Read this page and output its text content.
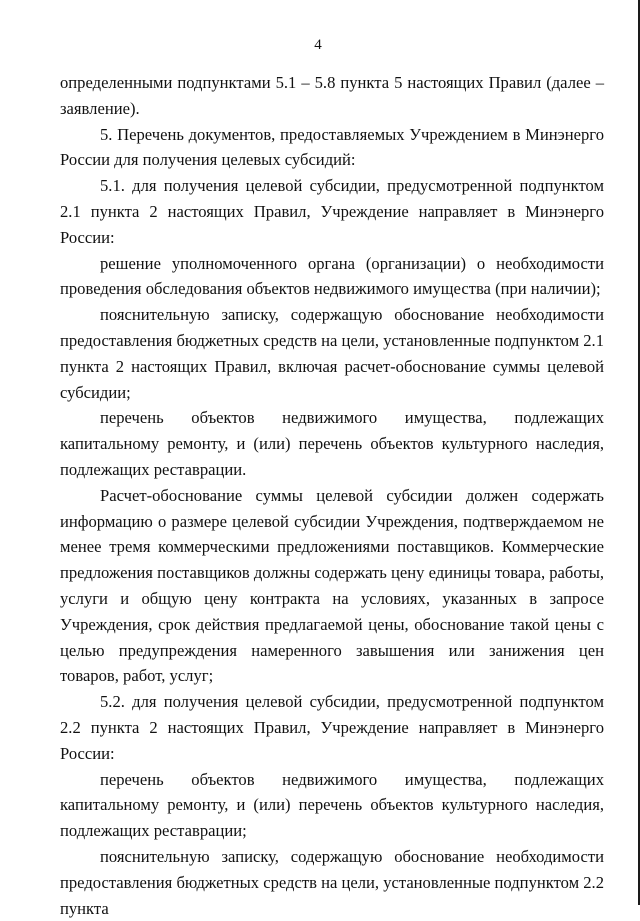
4

определенными подпунктами 5.1 – 5.8 пункта 5 настоящих Правил (далее – заявление).

5. Перечень документов, предоставляемых Учреждением в Минэнерго России для получения целевых субсидий:

5.1. для получения целевой субсидии, предусмотренной подпунктом 2.1 пункта 2 настоящих Правил, Учреждение направляет в Минэнерго России:

решение уполномоченного органа (организации) о необходимости проведения обследования объектов недвижимого имущества (при наличии);

пояснительную записку, содержащую обоснование необходимости предоставления бюджетных средств на цели, установленные подпунктом 2.1 пункта 2 настоящих Правил, включая расчет-обоснование суммы целевой субсидии;

перечень объектов недвижимого имущества, подлежащих капитальному ремонту, и (или) перечень объектов культурного наследия, подлежащих реставрации.

Расчет-обоснование суммы целевой субсидии должен содержать информацию о размере целевой субсидии Учреждения, подтверждаемом не менее тремя коммерческими предложениями поставщиков. Коммерческие предложения поставщиков должны содержать цену единицы товара, работы, услуги и общую цену контракта на условиях, указанных в запросе Учреждения, срок действия предлагаемой цены, обоснование такой цены с целью предупреждения намеренного завышения или занижения цен товаров, работ, услуг;

5.2. для получения целевой субсидии, предусмотренной подпунктом 2.2 пункта 2 настоящих Правил, Учреждение направляет в Минэнерго России:

перечень объектов недвижимого имущества, подлежащих капитальному ремонту, и (или) перечень объектов культурного наследия, подлежащих реставрации;

пояснительную записку, содержащую обоснование необходимости предоставления бюджетных средств на цели, установленные подпунктом 2.2 пункта
